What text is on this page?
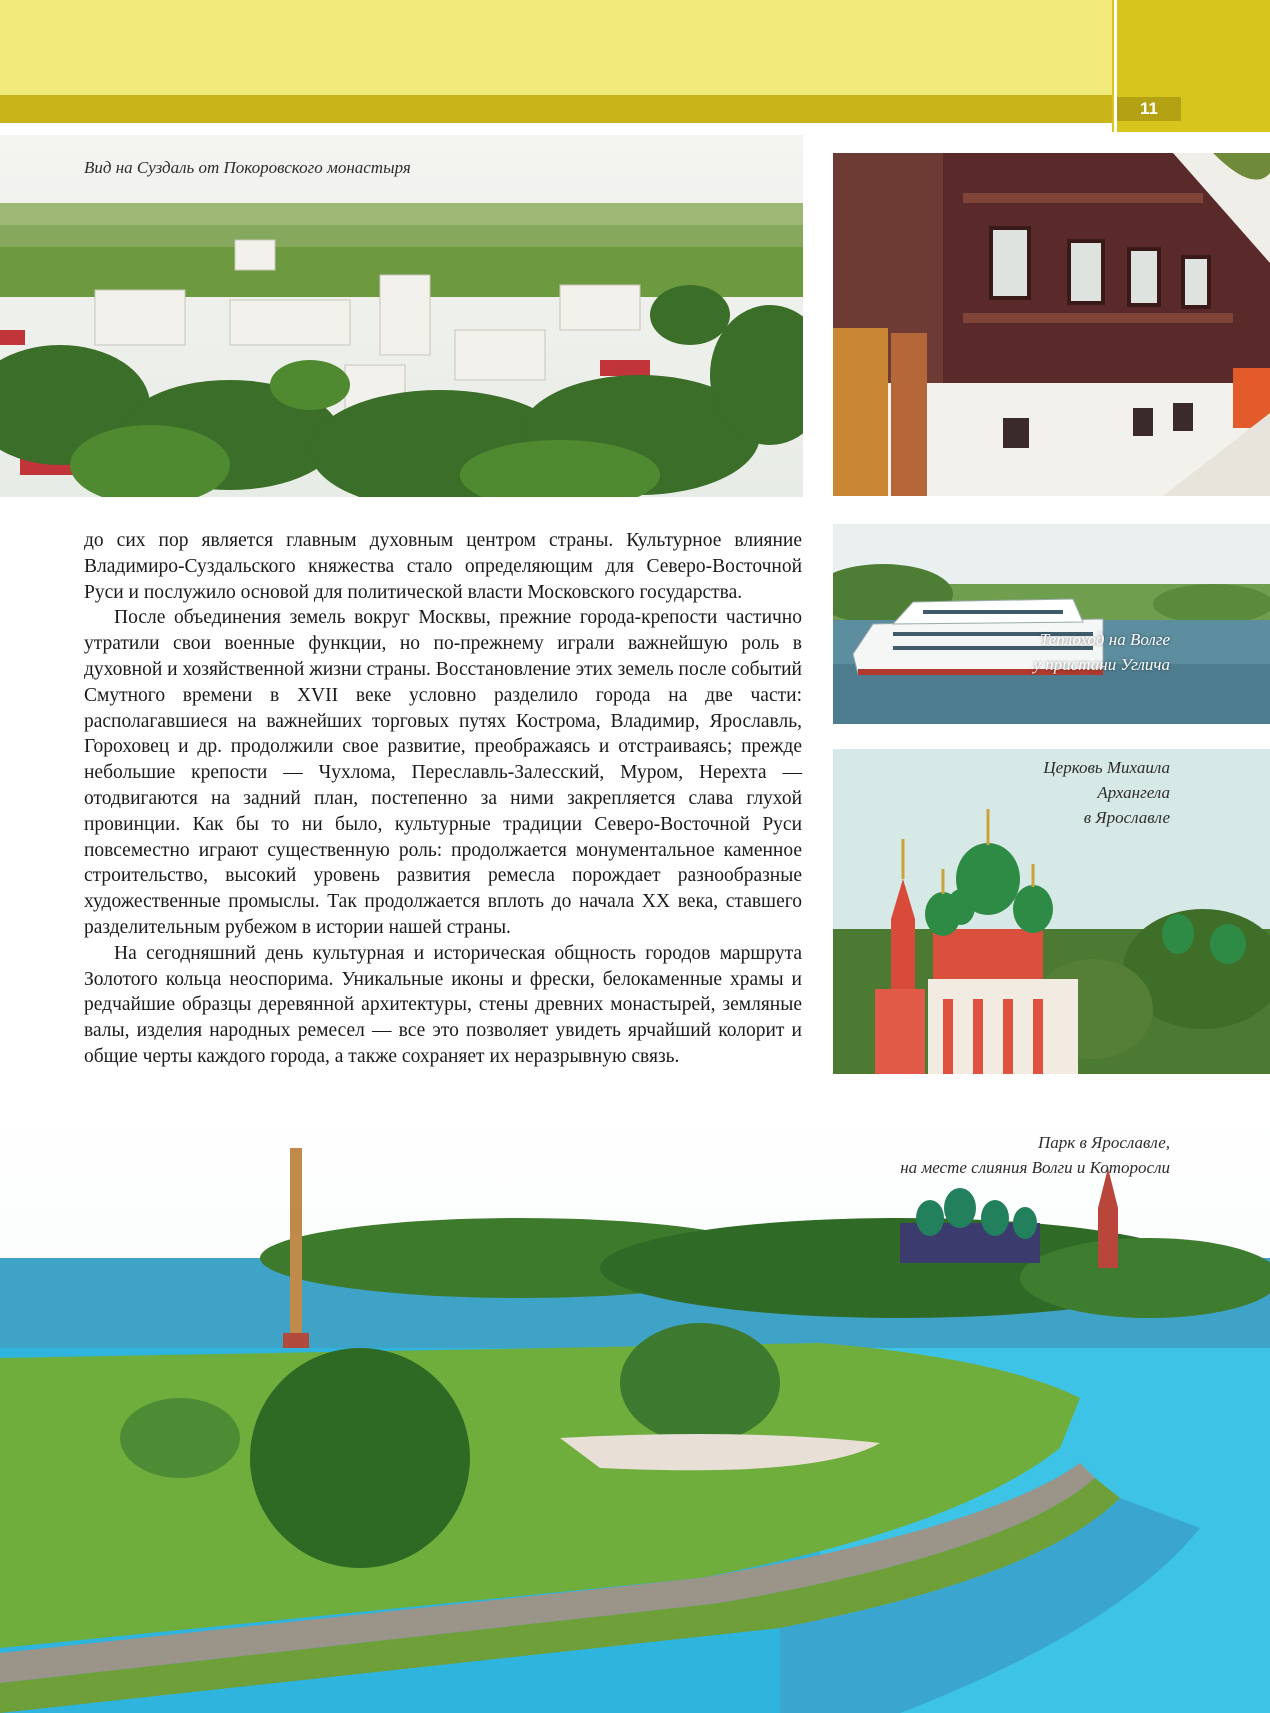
11
Вид на Суздаль от Покоровского монастыря
Теплоход на Волге
у пристани Углича
Церковь Михаила
Архангела
в Ярославле

до сих пор является главным духовным центром страны. Культурное влияние Владимиро-Суздальского княжества стало определяющим для Северо-Восточной Руси и послужило основой для политической власти Московского государства.

После объединения земель вокруг Москвы, прежние города-крепости частично утратили свои военные функции, но по-прежнему играли важнейшую роль в духовной и хозяйственной жизни страны. Восстановление этих земель после событий Смутного времени в XVII веке условно разделило города на две части: располагавшиеся на важнейших торговых путях Кострома, Владимир, Ярославль, Гороховец и др. продолжили свое развитие, преображаясь и отстраиваясь; прежде небольшие крепости — Чухлома, Переславль-Залесский, Муром, Нерехта — отодвигаются на задний план, постепенно за ними закрепляется слава глухой провинции. Как бы то ни было, культурные традиции Северо-Восточной Руси повсеместно играют существенную роль: продолжается монументальное каменное строительство, высокий уровень развития ремесла порождает разнообразные художественные промыслы. Так продолжается вплоть до начала XX века, ставшего разделительным рубежом в истории нашей страны.

На сегодняшний день культурная и историческая общность городов маршрута Золотого кольца неоспорима. Уникальные иконы и фрески, белокаменные храмы и редчайшие образцы деревянной архитектуры, стены древних монастырей, земляные валы, изделия народных ремесел — все это позволяет увидеть ярчайший колорит и общие черты каждого города, а также сохраняет их неразрывную связь.

Парк в Ярославле,
на месте слияния Волги и Которосли
